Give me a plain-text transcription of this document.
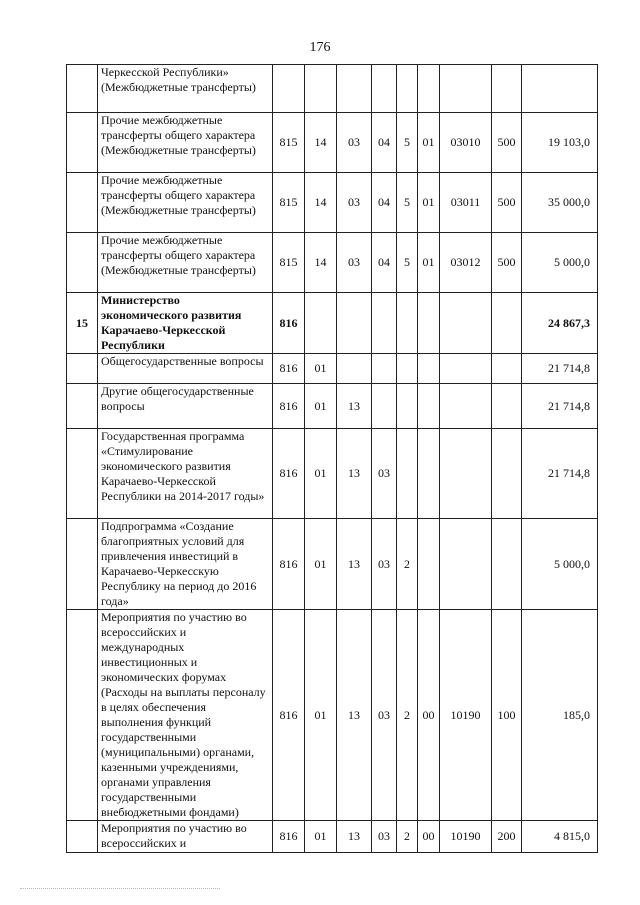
176
	Черкесской Республики» (Межбюджетные трансферты)									
	Прочие межбюджетные трансферты общего характера (Межбюджетные трансферты)	815	14	03	04	5	01	03010	500	19 103,0
	Прочие межбюджетные трансферты общего характера (Межбюджетные трансферты)	815	14	03	04	5	01	03011	500	35 000,0
	Прочие межбюджетные трансферты общего характера (Межбюджетные трансферты)	815	14	03	04	5	01	03012	500	5 000,0
15	Министерство экономического развития Карачаево-Черкесской Республики	816								24 867,3
	Общегосударственные вопросы	816	01							21 714,8
	Другие общегосударственные вопросы	816	01	13						21 714,8
	Государственная программа «Стимулирование экономического развития Карачаево-Черкесской Республики на 2014-2017 годы»	816	01	13	03					21 714,8
	Подпрограмма «Создание благоприятных условий для привлечения инвестиций в Карачаево-Черкесскую Республику на период до 2016 года»	816	01	13	03	2				5 000,0
	Мероприятия по участию во всероссийских и международных инвестиционных и экономических форумах (Расходы на выплаты персоналу в целях обеспечения выполнения функций государственными (муниципальными) органами, казенными учреждениями, органами управления государственными внебюджетными фондами)	816	01	13	03	2	00	10190	100	185,0
	Мероприятия по участию во всероссийских и	816	01	13	03	2	00	10190	200	4 815,0
